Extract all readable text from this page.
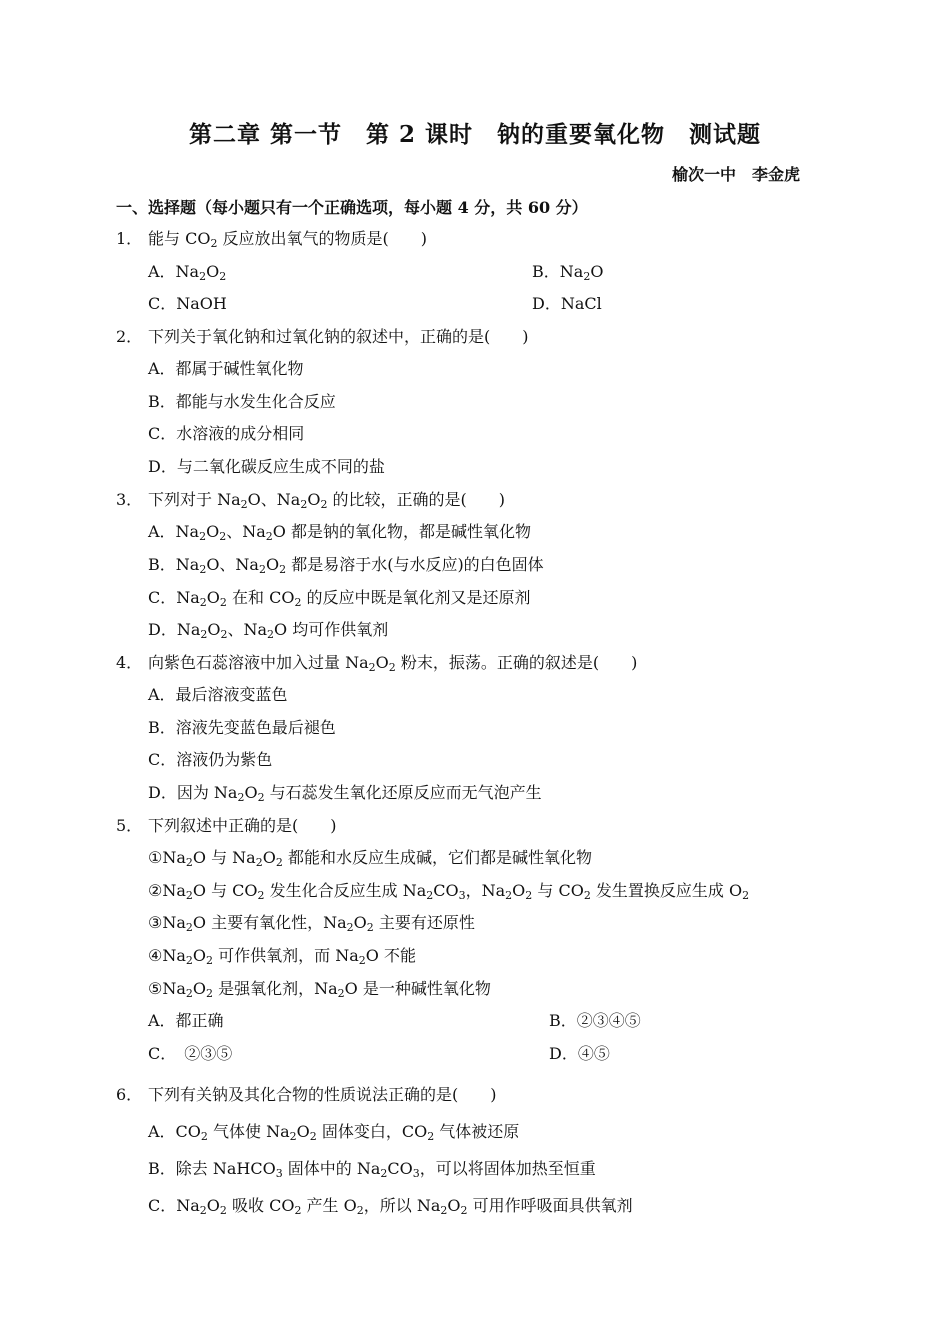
第二章 第一节　第 2 课时　钠的重要氧化物　测试题
榆次一中　李金虎
一、选择题（每小题只有一个正确选项，每小题 4 分，共 60 分）
1． 能与 $CO_2$ 反应放出氧气的物质是(　　)
A．$Na_2O_2$	B．$Na_2O$
C．NaOH	D．NaCl
2． 下列关于氧化钠和过氧化钠的叙述中，正确的是(　　)
A．都属于碱性氧化物
B．都能与水发生化合反应
C．水溶液的成分相同
D．与二氧化碳反应生成不同的盐
3． 下列对于 $Na_2O$、$Na_2O_2$ 的比较，正确的是(　　)
A．$Na_2O_2$、$Na_2O$ 都是钠的氧化物，都是碱性氧化物
B．$Na_2O$、$Na_2O_2$ 都是易溶于水(与水反应)的白色固体
C．$Na_2O_2$ 在和 $CO_2$ 的反应中既是氧化剂又是还原剂
D．$Na_2O_2$、$Na_2O$ 均可作供氧剂
4． 向紫色石蕊溶液中加入过量 $Na_2O_2$ 粉末，振荡。正确的叙述是(　　)
A．最后溶液变蓝色
B．溶液先变蓝色最后褪色
C．溶液仍为紫色
D．因为 $Na_2O_2$ 与石蕊发生氧化还原反应而无气泡产生
5． 下列叙述中正确的是(　　)
$①Na_2O$ 与 $Na_2O_2$ 都能和水反应生成碱，它们都是碱性氧化物
$②Na_2O$ 与 $CO_2$ 发生化合反应生成 $Na_2CO_3$，$Na_2O_2$ 与 $CO_2$ 发生置换反应生成 $O_2$
$③Na_2O$ 主要有氧化性，$Na_2O_2$ 主要有还原性
$④Na_2O_2$ 可作供氧剂，而 $Na_2O$ 不能
$⑤Na_2O_2$ 是强氧化剂，$Na_2O$ 是一种碱性氧化物
A．都正确	B．②③④⑤
C．　②③⑤	D．④⑤
6． 下列有关钠及其化合物的性质说法正确的是(　　)
A．$CO_2$ 气体使 $Na_2O_2$ 固体变白，$CO_2$ 气体被还原
B．除去 NaHCO$_3$ 固体中的 $Na_2CO_3$，可以将固体加热至恒重
C．$Na_2O_2$ 吸收 $CO_2$ 产生 $O_2$，所以 $Na_2O_2$ 可用作呼吸面具供氧剂
